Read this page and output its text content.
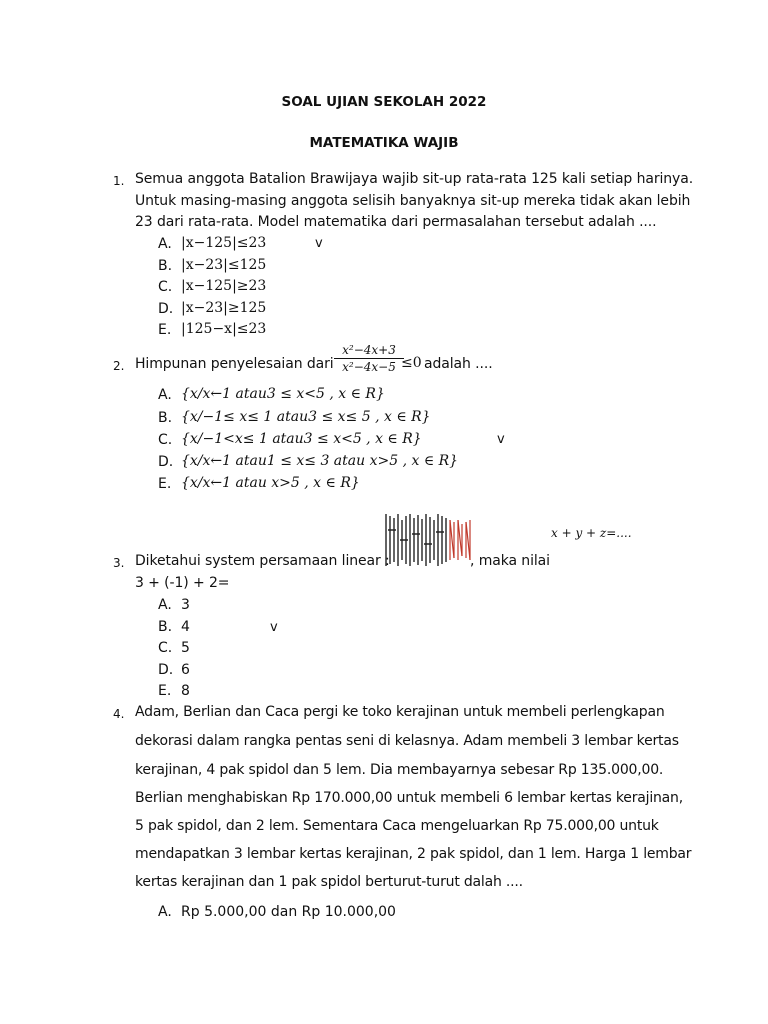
SOAL UJIAN SEKOLAH 2022
MATEMATIKA WAJIB
1. Semua anggota Batalion Brawijaya wajib sit-up rata-rata 125 kali setiap harinya.
Untuk masing-masing anggota selisih banyaknya sit-up mereka tidak akan lebih
23 dari rata-rata. Model matematika dari permasalahan tersebut adalah ....
A. |x−125|≤23	v
B. |x−23|≤125
C. |x−125|≥23
D. |x−23|≥125
E. |125−x|≤23
2. Himpunan penyelesaian dari
x²−4x+3
x²−4x−5 ≤0 adalah ....
A. {x/x←1 atau3 ≤ x<5 , x ∈ R}
B. {x/−1≤ x≤ 1 atau3 ≤ x≤ 5 , x ∈ R}
C. {x/−1<x≤ 1 atau3 ≤ x<5 , x ∈ R}	v
D. {x/x←1 atau1 ≤ x≤ 3 atau x>5 , x ∈ R}
E. {x/x←1 atau x>5 , x ∈ R}
x + y + z=....
3. Diketahui system persamaan linear :	, maka nilai
3 + (-1) + 2=
A. 3
B. 4	v
C. 5
D. 6
E. 8
4. Adam, Berlian dan Caca pergi ke toko kerajinan untuk membeli perlengkapan
dekorasi dalam rangka pentas seni di kelasnya. Adam membeli 3 lembar kertas
kerajinan, 4 pak spidol dan 5 lem. Dia membayarnya sebesar Rp 135.000,00.
Berlian menghabiskan Rp 170.000,00 untuk membeli 6 lembar kertas kerajinan,
5 pak spidol, dan 2 lem. Sementara Caca mengeluarkan Rp 75.000,00 untuk
mendapatkan 3 lembar kertas kerajinan, 2 pak spidol, dan 1 lem. Harga 1 lembar
kertas kerajinan dan 1 pak spidol berturut-turut dalah ....
A. Rp 5.000,00 dan Rp 10.000,00
